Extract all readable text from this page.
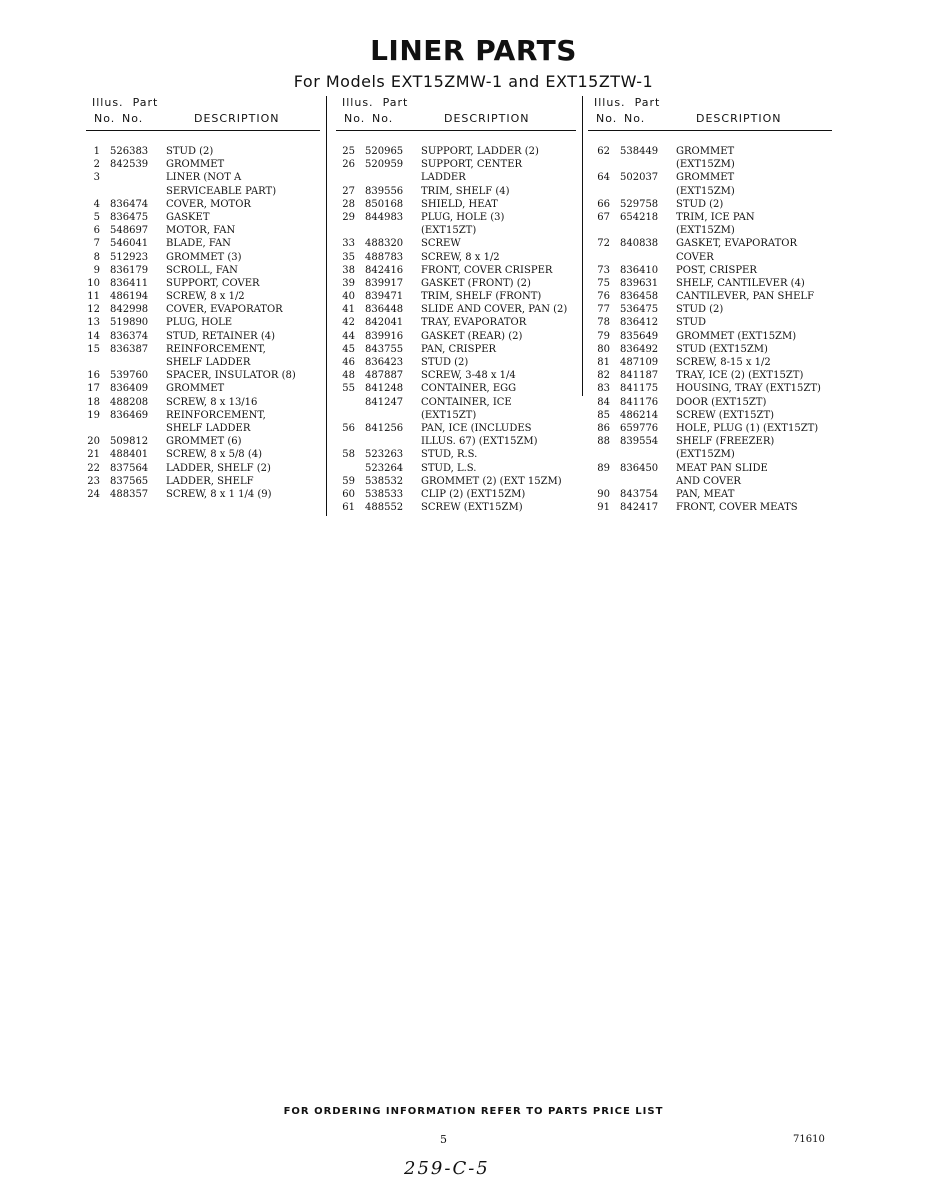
LINER PARTS
For Models EXT15ZMW-1 and EXT15ZTW-1
Illus. Part
No. No.	DESCRIPTION
1 526383 STUD (2)
2 842539 GROMMET
3	LINER (NOT A
SERVICEABLE PART)
4 836474 COVER, MOTOR
5 836475 GASKET
6 548697 MOTOR, FAN
7 546041 BLADE, FAN
8 512923 GROMMET (3)
9 836179 SCROLL, FAN
10 836411 SUPPORT, COVER
11 486194 SCREW, 8 x 1/2
12 842998 COVER, EVAPORATOR
13 519890 PLUG, HOLE
14 836374 STUD, RETAINER (4)
15 836387 REINFORCEMENT,
SHELF LADDER
16 539760 SPACER, INSULATOR (8)
17 836409 GROMMET
18 488208 SCREW, 8 x 13/16
19 836469 REINFORCEMENT,
SHELF LADDER
20 509812 GROMMET (6)
21 488401 SCREW, 8 x 5/8 (4)
22 837564 LADDER, SHELF (2)
23 837565 LADDER, SHELF
24 488357 SCREW, 8 x 1 1/4 (9)
Illus. Part
No. No.	DESCRIPTION
25 520965 SUPPORT, LADDER (2)
26 520959 SUPPORT, CENTER
LADDER
27 839556 TRIM, SHELF (4)
28 850168 SHIELD, HEAT
29 844983 PLUG, HOLE (3)
(EXT15ZT)
33 488320 SCREW
35 488783 SCREW, 8 x 1/2
38 842416 FRONT, COVER CRISPER
39 839917 GASKET (FRONT) (2)
40 839471 TRIM, SHELF (FRONT)
41 836448 SLIDE AND COVER, PAN (2)
42 842041 TRAY, EVAPORATOR
44 839916 GASKET (REAR) (2)
45 843755 PAN, CRISPER
46 836423 STUD (2)
48 487887 SCREW, 3-48 x 1/4
55 841248 CONTAINER, EGG
841247 CONTAINER, ICE
(EXT15ZT)
56 841256 PAN, ICE (INCLUDES
ILLUS. 67) (EXT15ZM)
58 523263 STUD, R.S.
523264 STUD, L.S.
59 538532 GROMMET (2) (EXT 15ZM)
60 538533 CLIP (2) (EXT15ZM)
61 488552 SCREW (EXT15ZM)
Illus. Part
No. No.	DESCRIPTION
62 538449 GROMMET
(EXT15ZM)
64 502037 GROMMET
(EXT15ZM)
66 529758 STUD (2)
67 654218 TRIM, ICE PAN
(EXT15ZM)
72 840838 GASKET, EVAPORATOR
COVER
73 836410 POST, CRISPER
75 839631 SHELF, CANTILEVER (4)
76 836458 CANTILEVER, PAN SHELF
77 536475 STUD (2)
78 836412 STUD
79 835649 GROMMET (EXT15ZM)
80 836492 STUD (EXT15ZM)
81 487109 SCREW, 8-15 x 1/2
82 841187 TRAY, ICE (2) (EXT15ZT)
83 841175 HOUSING, TRAY (EXT15ZT)
84 841176 DOOR (EXT15ZT)
85 486214 SCREW (EXT15ZT)
86 659776 HOLE, PLUG (1) (EXT15ZT)
88 839554 SHELF (FREEZER)
(EXT15ZM)
89 836450 MEAT PAN SLIDE
AND COVER
90 843754 PAN, MEAT
91 842417 FRONT, COVER MEATS
FOR ORDERING INFORMATION REFER TO PARTS PRICE LIST
5	71610
259-C-5
